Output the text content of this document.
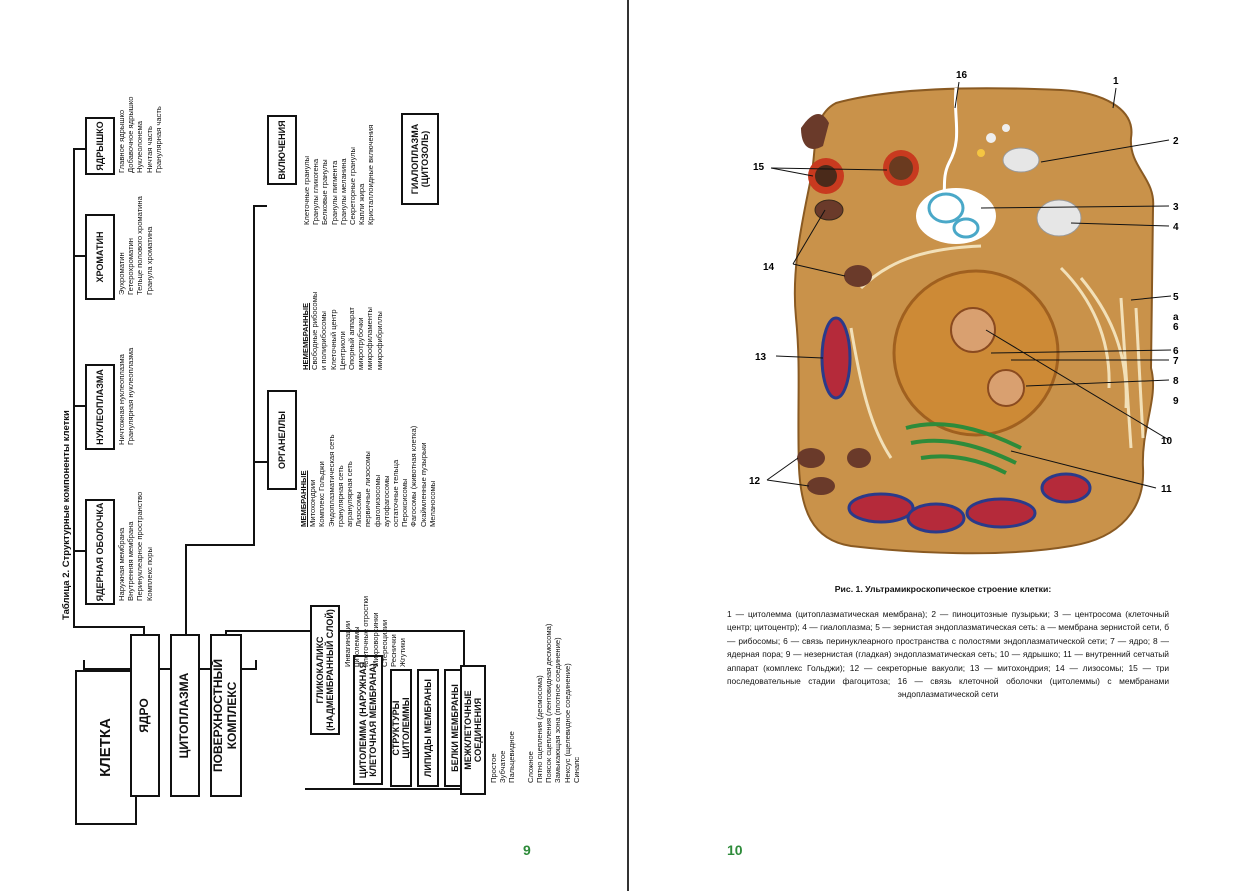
Таблица 2. Структурные компоненты клетки
КЛЕТКА
ЯДРО	ЦИТОПЛАЗМА	ПОВЕРХНОСТНЫЙ КОМПЛЕКС
ЯДЕРНАЯ ОБОЛОЧКА
НУКЛЕОПЛАЗМА
ХРОМАТИН
ЯДРЫШКО
Наружная мембрана Внутренняя мембрана Перинуклеарное пространство Комплекс поры
Ничтожная нуклеоплазма Гранулярная нуклеоплазма
Эухроматин Гетерохроматин Тельце полового хроматина Гранула хроматина
Главное ядрышко Добавочное ядрышко Нуклеолонема Ничтая часть Гранулярная часть
ОРГАНЕЛЛЫ
ВКЛЮЧЕНИЯ	ГИАЛОПЛАЗМА (ЦИТОЗОЛЬ)
МЕМБРАННЫЕ Митохондрии Комплекс Гольджи Эндоплазматическая сеть гранулярная сеть агранулярная сеть Лизосомы первичные лизосомы фаголизосомы аутофагосомы остаточные тельца Пероксисомы Фагосомы (животная клетка) Окаймленные пузырьки Меланосомы
НЕМЕМБРАННЫЕ Свободные рибосомы и полирибосомы Клеточный центр Центриоли Опорный аппарат микротрубочки микрофиламенты микрофибриллы
Клеточные гранулы Гранулы гликогена Белковые гранулы Гранулы пигмента Гранулы меланина Секреторные гранулы Капли жира Кристаллоидные включения
ГЛИКОКАЛИКС (НАДМЕМБРАННЫЙ СЛОЙ)	ЦИТОЛЕММА (НАРУЖНАЯ КЛЕТОЧНАЯ МЕМБРАНА)	СТРУКТУРЫ ЦИТОЛЕММЫ	ЛИПИДЫ МЕМБРАНЫ	БЕЛКИ МЕМБРАНЫ МЕЖКЛЕТОЧНЫЕ СОЕДИНЕНИЯ
Инвагинации цитолеммы Клеточные отростки Микроворсинки Стереоцилии Реснички Жгутики
Простое Зубчатое Пальцевидное
Сложное Пятно сцепления (десмосома) Поясок сцепления (лентовидная десмосома) Замыкающая зона (плотное соединение) Нексус (щелевидное соединение) Синапс
9
16
1
2
3
4
15
14
5
а
6
6
7
13
8
9
10
12
11
Рис. 1. Ультрамикроскопическое строение клетки:
1 — цитолемма (цитоплазматическая мембрана); 2 — пиноцитозные пузырьки; 3 — центросома (клеточный центр; цитоцентр); 4 — гиалоплазма; 5 — зернистая эндоплазматическая сеть: а — мембрана зернистой сети, б — рибосомы; 6 — связь перинуклеарного пространства с полостями эндоплазматической сети; 7 — ядро; 8 — ядерная пора; 9 — незернистая (гладкая) эндоплазматическая сеть; 10 — ядрышко; 11 — внутренний сетчатый аппарат (комплекс Гольджи); 12 — секреторные вакуоли; 13 — митохондрия; 14 — лизосомы; 15 — три последовательные стадии фагоцитоза; 16 — связь клеточной оболочки (цитолеммы) с мембранами эндоплазматической сети
10
